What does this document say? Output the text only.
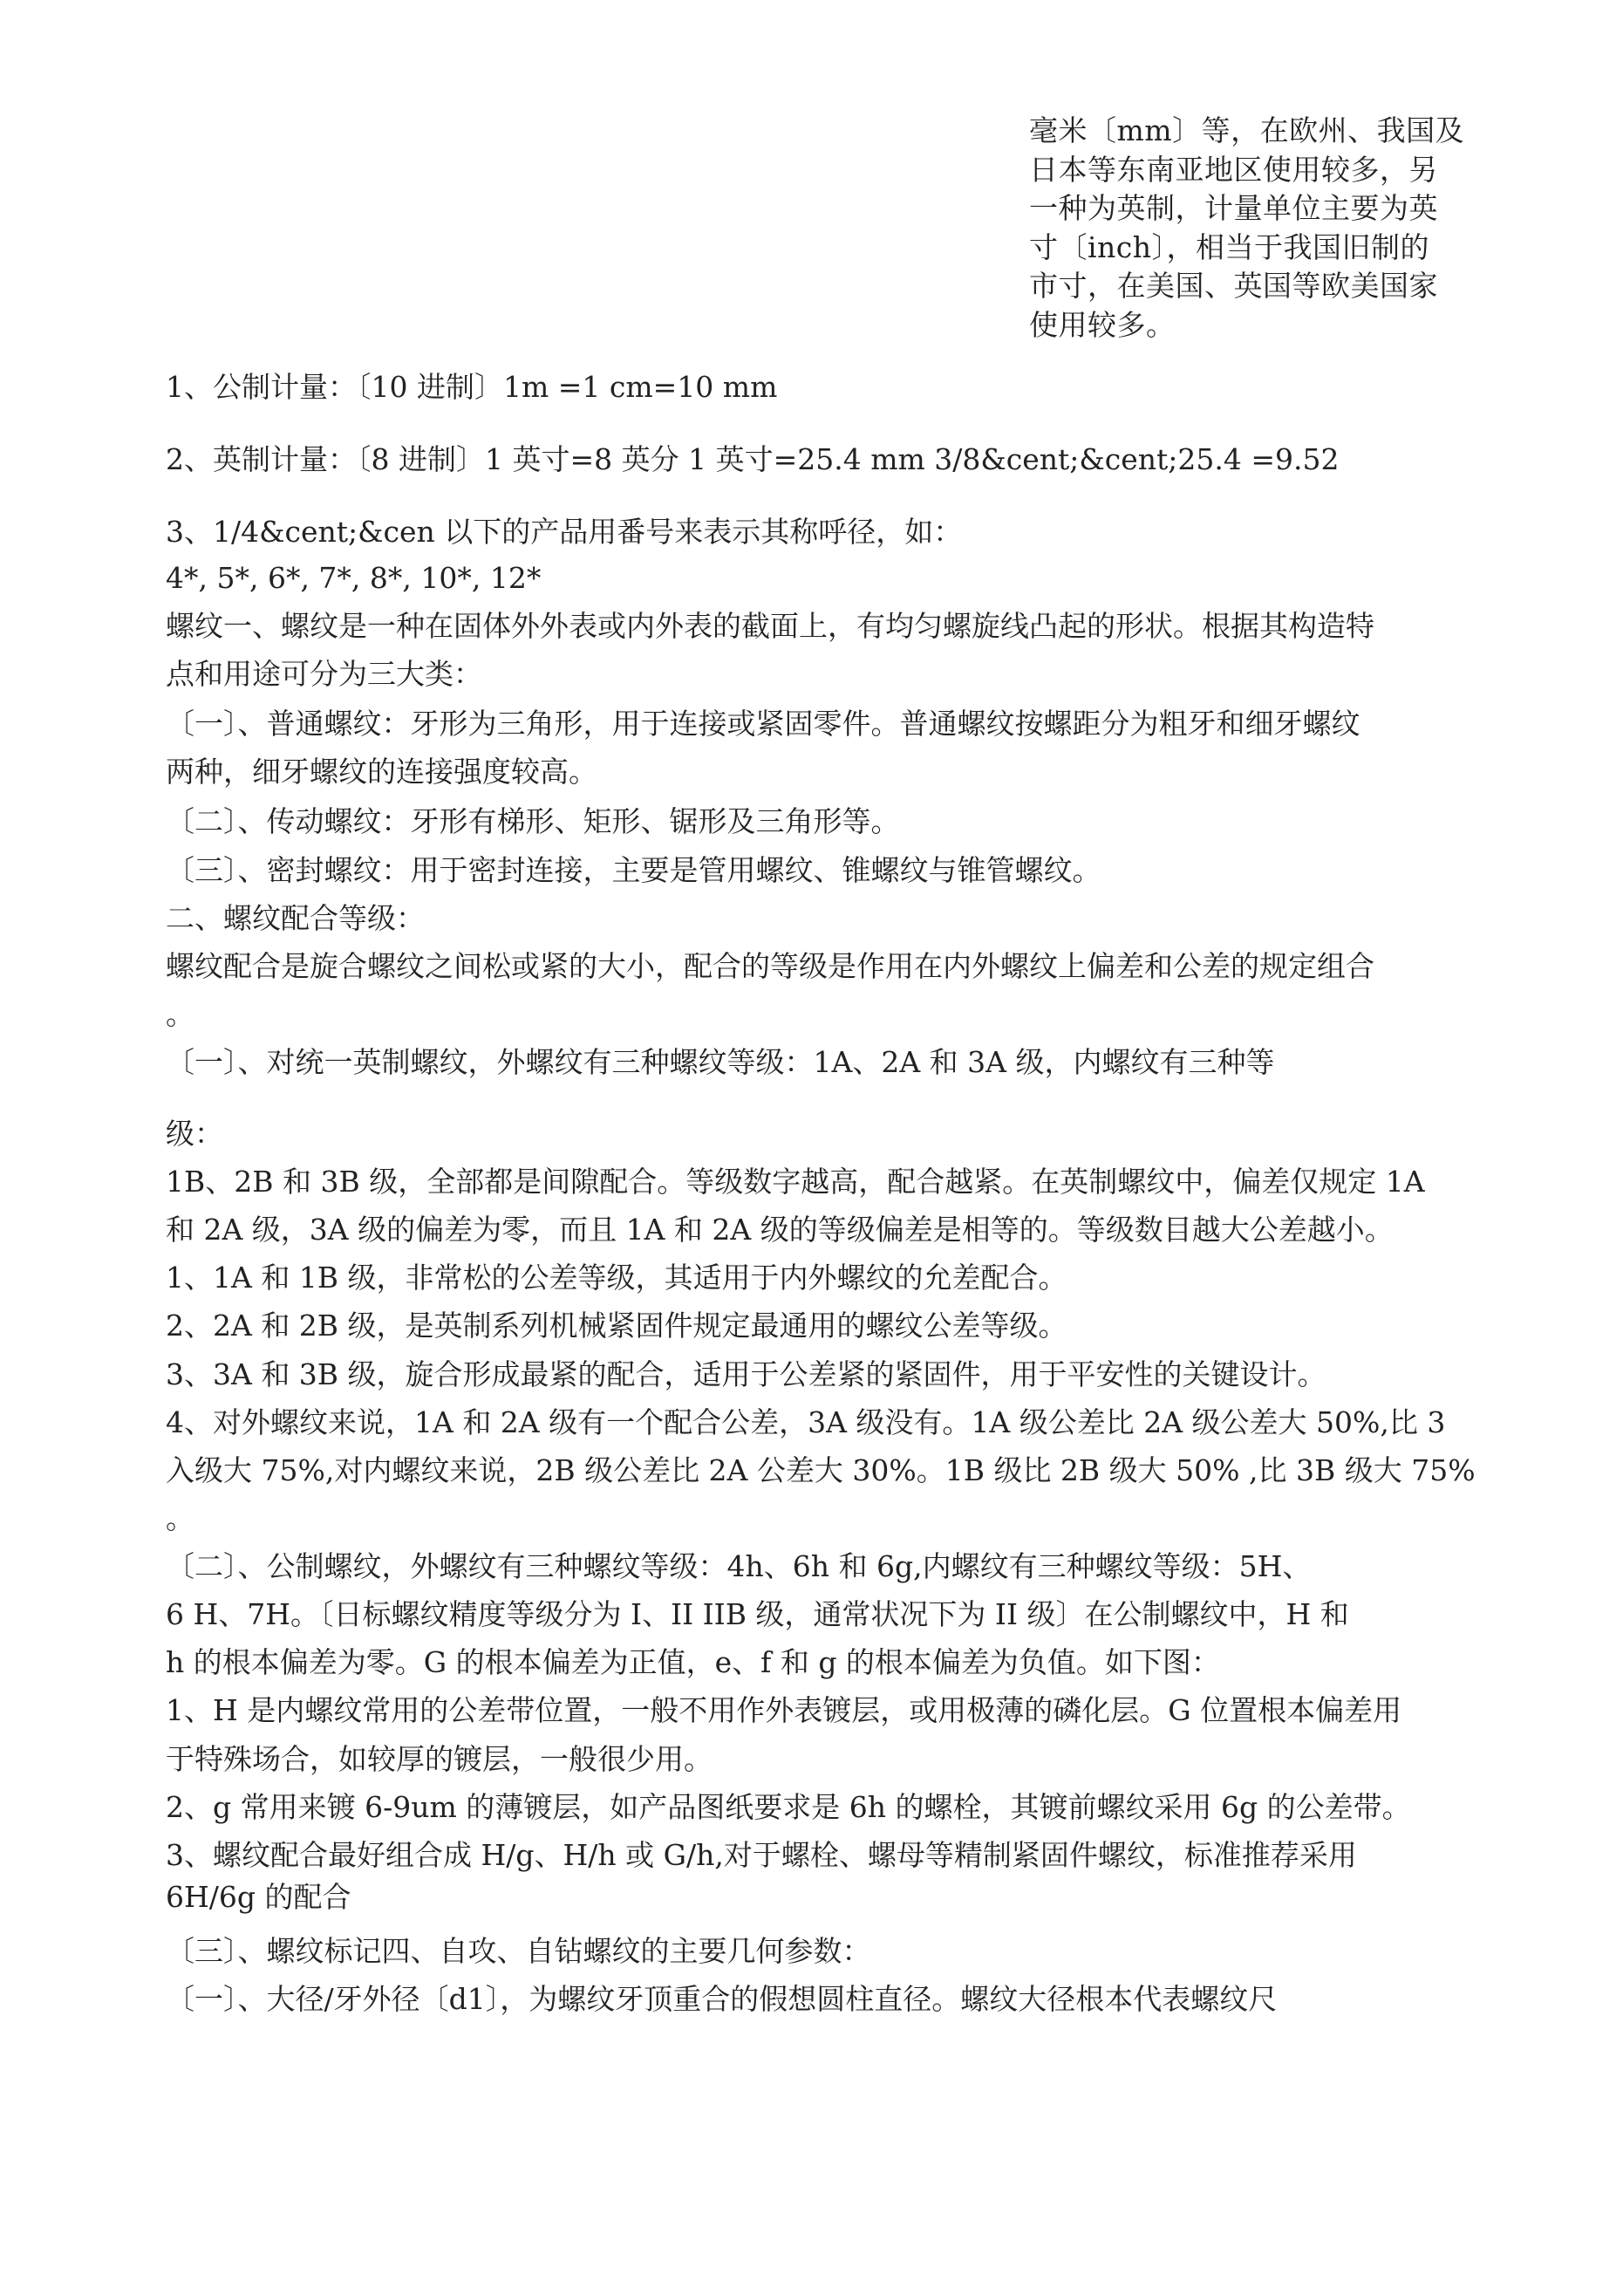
毫米〔mm〕等，在欧州、我国及
日本等东南亚地区使用较多，另
一种为英制，计量单位主要为英
寸〔inch〕，相当于我国旧制的
市寸，在美国、英国等欧美国家
使用较多。
1、公制计量：〔10 进制〕1m =1 cm=10 mm
2、英制计量：〔8 进制〕1 英寸=8 英分 1 英寸=25.4 mm 3/8&cent;&cent;25.4 =9.52
3、1/4&cent;&cen 以下的产品用番号来表示其称呼径，如：
4*, 5*, 6*, 7*, 8*, 10*, 12*
螺纹一、螺纹是一种在固体外外表或内外表的截面上，有均匀螺旋线凸起的形状。根据其构造特
点和用途可分为三大类：
〔一〕、普通螺纹：牙形为三角形，用于连接或紧固零件。普通螺纹按螺距分为粗牙和细牙螺纹
两种，细牙螺纹的连接强度较高。
〔二〕、传动螺纹：牙形有梯形、矩形、锯形及三角形等。
〔三〕、密封螺纹：用于密封连接，主要是管用螺纹、锥螺纹与锥管螺纹。
二、螺纹配合等级：
螺纹配合是旋合螺纹之间松或紧的大小，配合的等级是作用在内外螺纹上偏差和公差的规定组合
。
〔一〕、对统一英制螺纹，外螺纹有三种螺纹等级：1A、2A 和 3A 级，内螺纹有三种等
级：
1B、2B 和 3B 级，全部都是间隙配合。等级数字越高，配合越紧。在英制螺纹中，偏差仅规定 1A
和 2A 级，3A 级的偏差为零，而且 1A 和 2A 级的等级偏差是相等的。等级数目越大公差越小。
1、1A 和 1B 级，非常松的公差等级，其适用于内外螺纹的允差配合。
2、2A 和 2B 级，是英制系列机械紧固件规定最通用的螺纹公差等级。
3、3A 和 3B 级，旋合形成最紧的配合，适用于公差紧的紧固件，用于平安性的关键设计。
4、对外螺纹来说，1A 和 2A 级有一个配合公差，3A 级没有。1A 级公差比 2A 级公差大 50%,比 3
入级大 75%,对内螺纹来说，2B 级公差比 2A 公差大 30%。1B 级比 2B 级大 50% ,比 3B 级大 75%
。
〔二〕、公制螺纹，外螺纹有三种螺纹等级：4h、6h 和 6g,内螺纹有三种螺纹等级：5H、
6 H、7H。〔日标螺纹精度等级分为 I、II IIB 级，通常状况下为 II 级〕在公制螺纹中，H 和
h 的根本偏差为零。G 的根本偏差为正值，e、f 和 g 的根本偏差为负值。如下图：
1、H 是内螺纹常用的公差带位置，一般不用作外表镀层，或用极薄的磷化层。G 位置根本偏差用
于特殊场合，如较厚的镀层，一般很少用。
2、g 常用来镀 6-9um 的薄镀层，如产品图纸要求是 6h 的螺栓，其镀前螺纹采用 6g 的公差带。
3、螺纹配合最好组合成 H/g、H/h 或 G/h,对于螺栓、螺母等精制紧固件螺纹，标准推荐采用
6H/6g 的配合
〔三〕、螺纹标记四、自攻、自钻螺纹的主要几何参数：
〔一〕、大径/牙外径〔d1〕，为螺纹牙顶重合的假想圆柱直径。螺纹大径根本代表螺纹尺
